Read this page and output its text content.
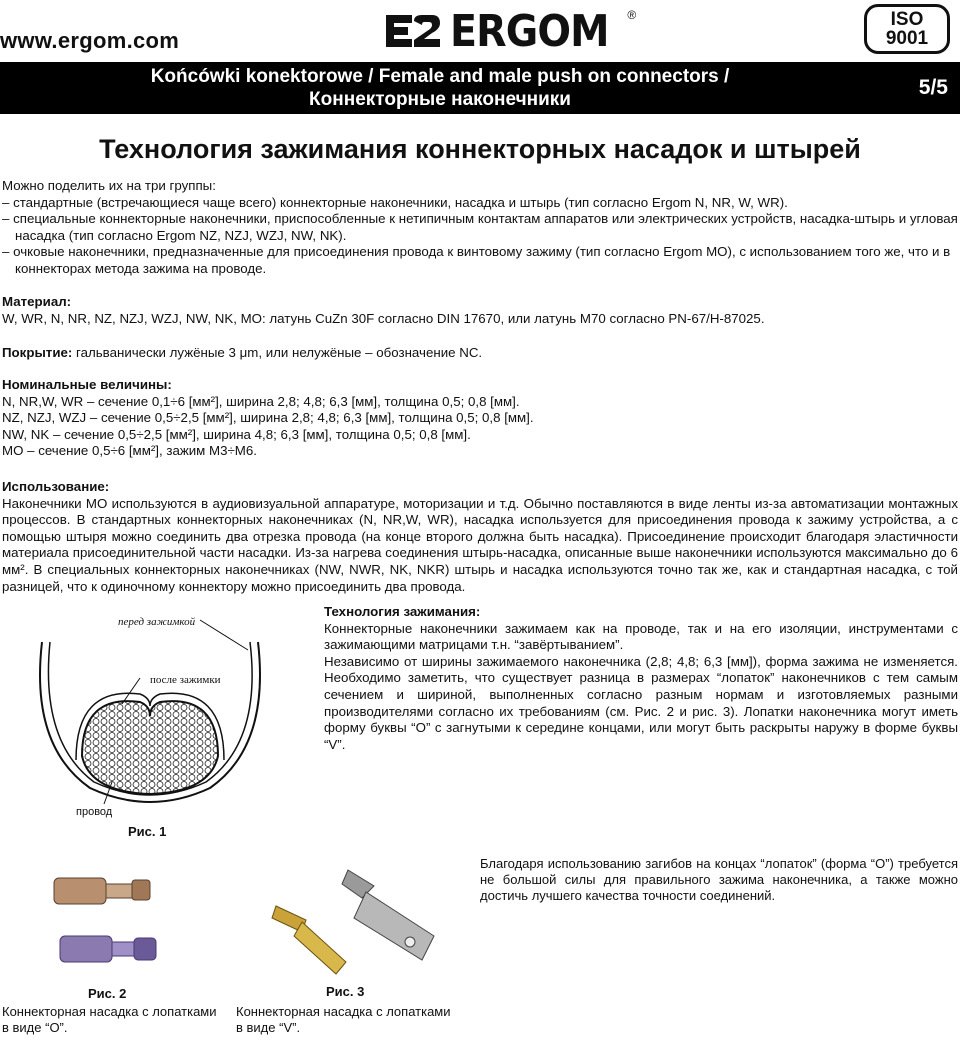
www.ergom.com	ERGOM ®	ISO
9001
Końcówki konektorowe / Female and male push on connectors /
Коннекторные наконечники
5/5
Технология зажимания коннекторных насадок и штырей

Можно поделить их на три группы:

– стандартные (встречающиеся чаще всего) коннекторные наконечники, насадка и штырь (тип согласно Ergom N, NR, W, WR).

– специальные коннекторные наконечники, приспособленные к нетипичным контактам аппаратов или электрических устройств, насадка-штырь и угловая насадка (тип согласно Ergom NZ, NZJ, WZJ, NW, NK).

– очковые наконечники, предназначенные для присоединения провода к винтовому зажиму (тип согласно Ergom MO), с использованием того же, что и в коннекторах метода зажима на проводе.

Материал:

W, WR, N, NR, NZ, NZJ, WZJ, NW, NK, MO: латунь CuZn 30F согласно DIN 17670, или латунь M70 согласно PN-67/H-87025.

Покрытие: гальванически лужёные 3 μm, или нелужёные – обозначение NC.

Номинальные величины:

N, NR,W, WR – сечение 0,1÷6 [мм²], ширина 2,8; 4,8; 6,3 [мм], толщина 0,5; 0,8 [мм].

NZ, NZJ, WZJ – сечение 0,5÷2,5 [мм²], ширина 2,8; 4,8; 6,3 [мм], толщина 0,5; 0,8 [мм].

NW, NK – сечение 0,5÷2,5 [мм²], ширина 4,8; 6,3 [мм], толщина 0,5; 0,8 [мм].

MO – сечение 0,5÷6 [мм²], зажим M3÷M6.

Использование:

Наконечники MO используются в аудиовизуальной аппаратуре, моторизации и т.д. Обычно поставляются в виде ленты из-за автоматизации монтажных процессов. В стандартных коннекторных наконечниках (N, NR,W, WR), насадка используется для присоединения провода к зажиму устройства, а с помощью штыря можно соединить два отрезка провода (на конце второго должна быть насадка). Присоединение происходит благодаря эластичности материала присоединительной части насадки. Из-за нагрева соединения штырь-насадка, описанные выше наконечники используются максимально до 6 мм². В специальных коннекторных наконечниках (NW, NWR, NK, NKR) штырь и насадка используются точно так же, как и стандартная насадка, с той разницей, что к одиночному коннектору можно присоединить два провода.

Технология зажимания:

Коннекторные наконечники зажимаем как на проводе, так и на его изоляции, инструментами с зажимающими матрицами т.н. “завёртыванием”.

Независимо от ширины зажимаемого наконечника (2,8; 4,8; 6,3 [мм]), форма зажима не изменяется. Необходимо заметить, что существует разница в размерах “лопаток” наконечников с тем самым сечением и шириной, выполненных согласно разным нормам и изготовляемых разными производителями согласно их требованиям (см. Рис. 2 и рис. 3). Лопатки наконечника могут иметь форму буквы “O” с загнутыми к середине концами, или могут быть раскрыты наружу в форме буквы “V”.

перед зажимкой
после зажимки
провод
Рис. 1
Благодаря использованию загибов на концах “лопаток” (форма “O”) требуется не большой силы для правильного зажима наконечника, а также можно достичь лучшего качества точности соединений.
Рис. 2
Коннекторная насадка с лопатками в виде “O”.
Рис. 3
Коннекторная насадка с лопатками в виде “V”.
